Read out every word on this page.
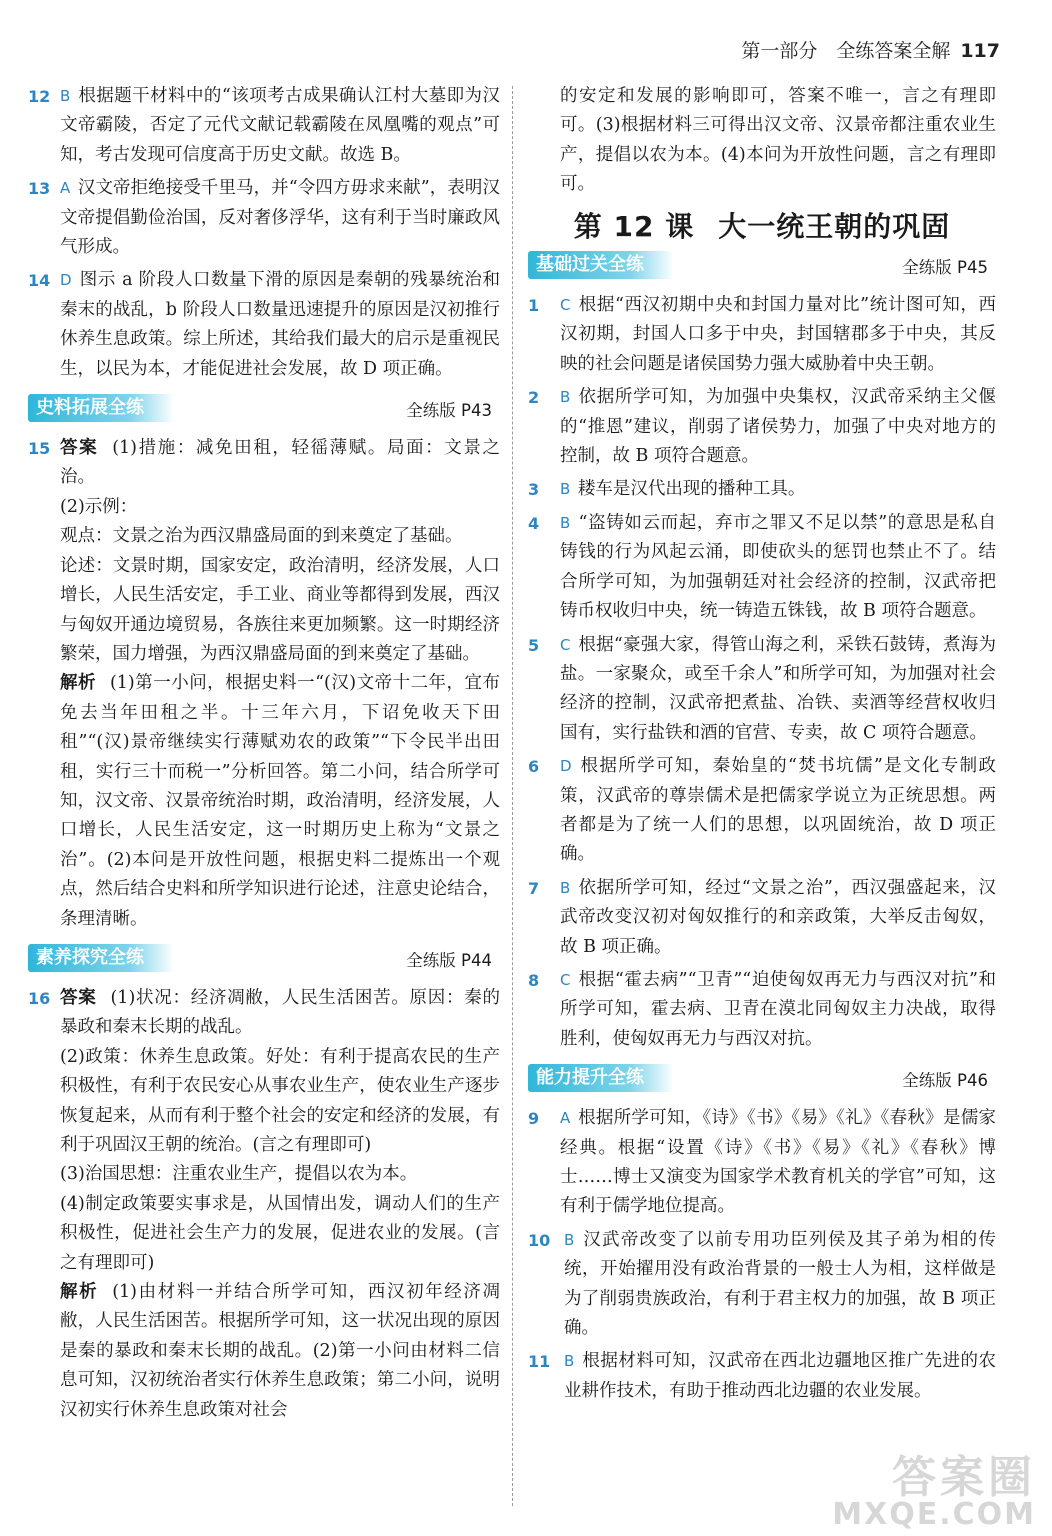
第一部分　全练答案全解 117
12 B 根据题干材料中的“该项考古成果确认江村大墓即为汉文帝霸陵，否定了元代文献记载霸陵在凤凰嘴的观点”可知，考古发现可信度高于历史文献。故选 B。
13 A 汉文帝拒绝接受千里马，并“令四方毋求来献”，表明汉文帝提倡勤俭治国，反对奢侈浮华，这有利于当时廉政风气形成。
14 D 图示 a 阶段人口数量下滑的原因是秦朝的残暴统治和秦末的战乱，b 阶段人口数量迅速提升的原因是汉初推行休养生息政策。综上所述，其给我们最大的启示是重视民生，以民为本，才能促进社会发展，故 D 项正确。
史料拓展全练	全练版 P43
15 答案 (1)措施：减免田租，轻徭薄赋。局面：文景之治。
(2)示例：
观点：文景之治为西汉鼎盛局面的到来奠定了基础。
论述：文景时期，国家安定，政治清明，经济发展，人口增长，人民生活安定，手工业、商业等都得到发展，西汉与匈奴开通边境贸易，各族往来更加频繁。这一时期经济繁荣，国力增强，为西汉鼎盛局面的到来奠定了基础。
解析 (1)第一小问，根据史料一“(汉)文帝十二年，宜布免去当年田租之半。十三年六月，下诏免收天下田租”“(汉)景帝继续实行薄赋劝农的政策”“下令民半出田租，实行三十而税一”分析回答。第二小问，结合所学可知，汉文帝、汉景帝统治时期，政治清明，经济发展，人口增长，人民生活安定，这一时期历史上称为“文景之治”。(2)本问是开放性问题，根据史料二提炼出一个观点，然后结合史料和所学知识进行论述，注意史论结合，条理清晰。
素养探究全练	全练版 P44
16 答案 (1)状况：经济凋敝，人民生活困苦。原因：秦的暴政和秦末长期的战乱。
(2)政策：休养生息政策。好处：有利于提高农民的生产积极性，有利于农民安心从事农业生产，使农业生产逐步恢复起来，从而有利于整个社会的安定和经济的发展，有利于巩固汉王朝的统治。(言之有理即可)
(3)治国思想：注重农业生产，提倡以农为本。
(4)制定政策要实事求是，从国情出发，调动人们的生产积极性，促进社会生产力的发展，促进农业的发展。(言之有理即可)
解析 (1)由材料一并结合所学可知，西汉初年经济凋敝，人民生活困苦。根据所学可知，这一状况出现的原因是秦的暴政和秦末长期的战乱。(2)第一小问由材料二信息可知，汉初统治者实行休养生息政策；第二小问，说明汉初实行休养生息政策对社会
的安定和发展的影响即可，答案不唯一，言之有理即可。(3)根据材料三可得出汉文帝、汉景帝都注重农业生产，提倡以农为本。(4)本问为开放性问题，言之有理即可。
第 12 课 大一统王朝的巩固
基础过关全练	全练版 P45
1 C 根据“西汉初期中央和封国力量对比”统计图可知，西汉初期，封国人口多于中央，封国辖郡多于中央，其反映的社会问题是诸侯国势力强大威胁着中央王朝。
2 B 依据所学可知，为加强中央集权，汉武帝采纳主父偃的“推恩”建议，削弱了诸侯势力，加强了中央对地方的控制，故 B 项符合题意。
3 B 耧车是汉代出现的播种工具。
4 B “盗铸如云而起，弃市之罪又不足以禁”的意思是私自铸钱的行为风起云涌，即使砍头的惩罚也禁止不了。结合所学可知，为加强朝廷对社会经济的控制，汉武帝把铸币权收归中央，统一铸造五铢钱，故 B 项符合题意。
5 C 根据“豪强大家，得管山海之利，采铁石鼓铸，煮海为盐。一家聚众，或至千余人”和所学可知，为加强对社会经济的控制，汉武帝把煮盐、冶铁、卖酒等经营权收归国有，实行盐铁和酒的官营、专卖，故 C 项符合题意。
6 D 根据所学可知，秦始皇的“焚书坑儒”是文化专制政策，汉武帝的尊崇儒术是把儒家学说立为正统思想。两者都是为了统一人们的思想，以巩固统治，故 D 项正确。
7 B 依据所学可知，经过“文景之治”，西汉强盛起来，汉武帝改变汉初对匈奴推行的和亲政策，大举反击匈奴，故 B 项正确。
8 C 根据“霍去病”“卫青”“迫使匈奴再无力与西汉对抗”和所学可知，霍去病、卫青在漠北同匈奴主力决战，取得胜利，使匈奴再无力与西汉对抗。
能力提升全练	全练版 P46
9 A 根据所学可知，《诗》《书》《易》《礼》《春秋》是儒家经典。根据“设置《诗》《书》《易》《礼》《春秋》博士……博士又演变为国家学术教育机关的学官”可知，这有利于儒学地位提高。
10 B 汉武帝改变了以前专用功臣列侯及其子弟为相的传统，开始擢用没有政治背景的一般士人为相，这样做是为了削弱贵族政治，有利于君主权力的加强，故 B 项正确。
11 B 根据材料可知，汉武帝在西北边疆地区推广先进的农业耕作技术，有助于推动西北边疆的农业发展。
答案圈
MXQE.COM
